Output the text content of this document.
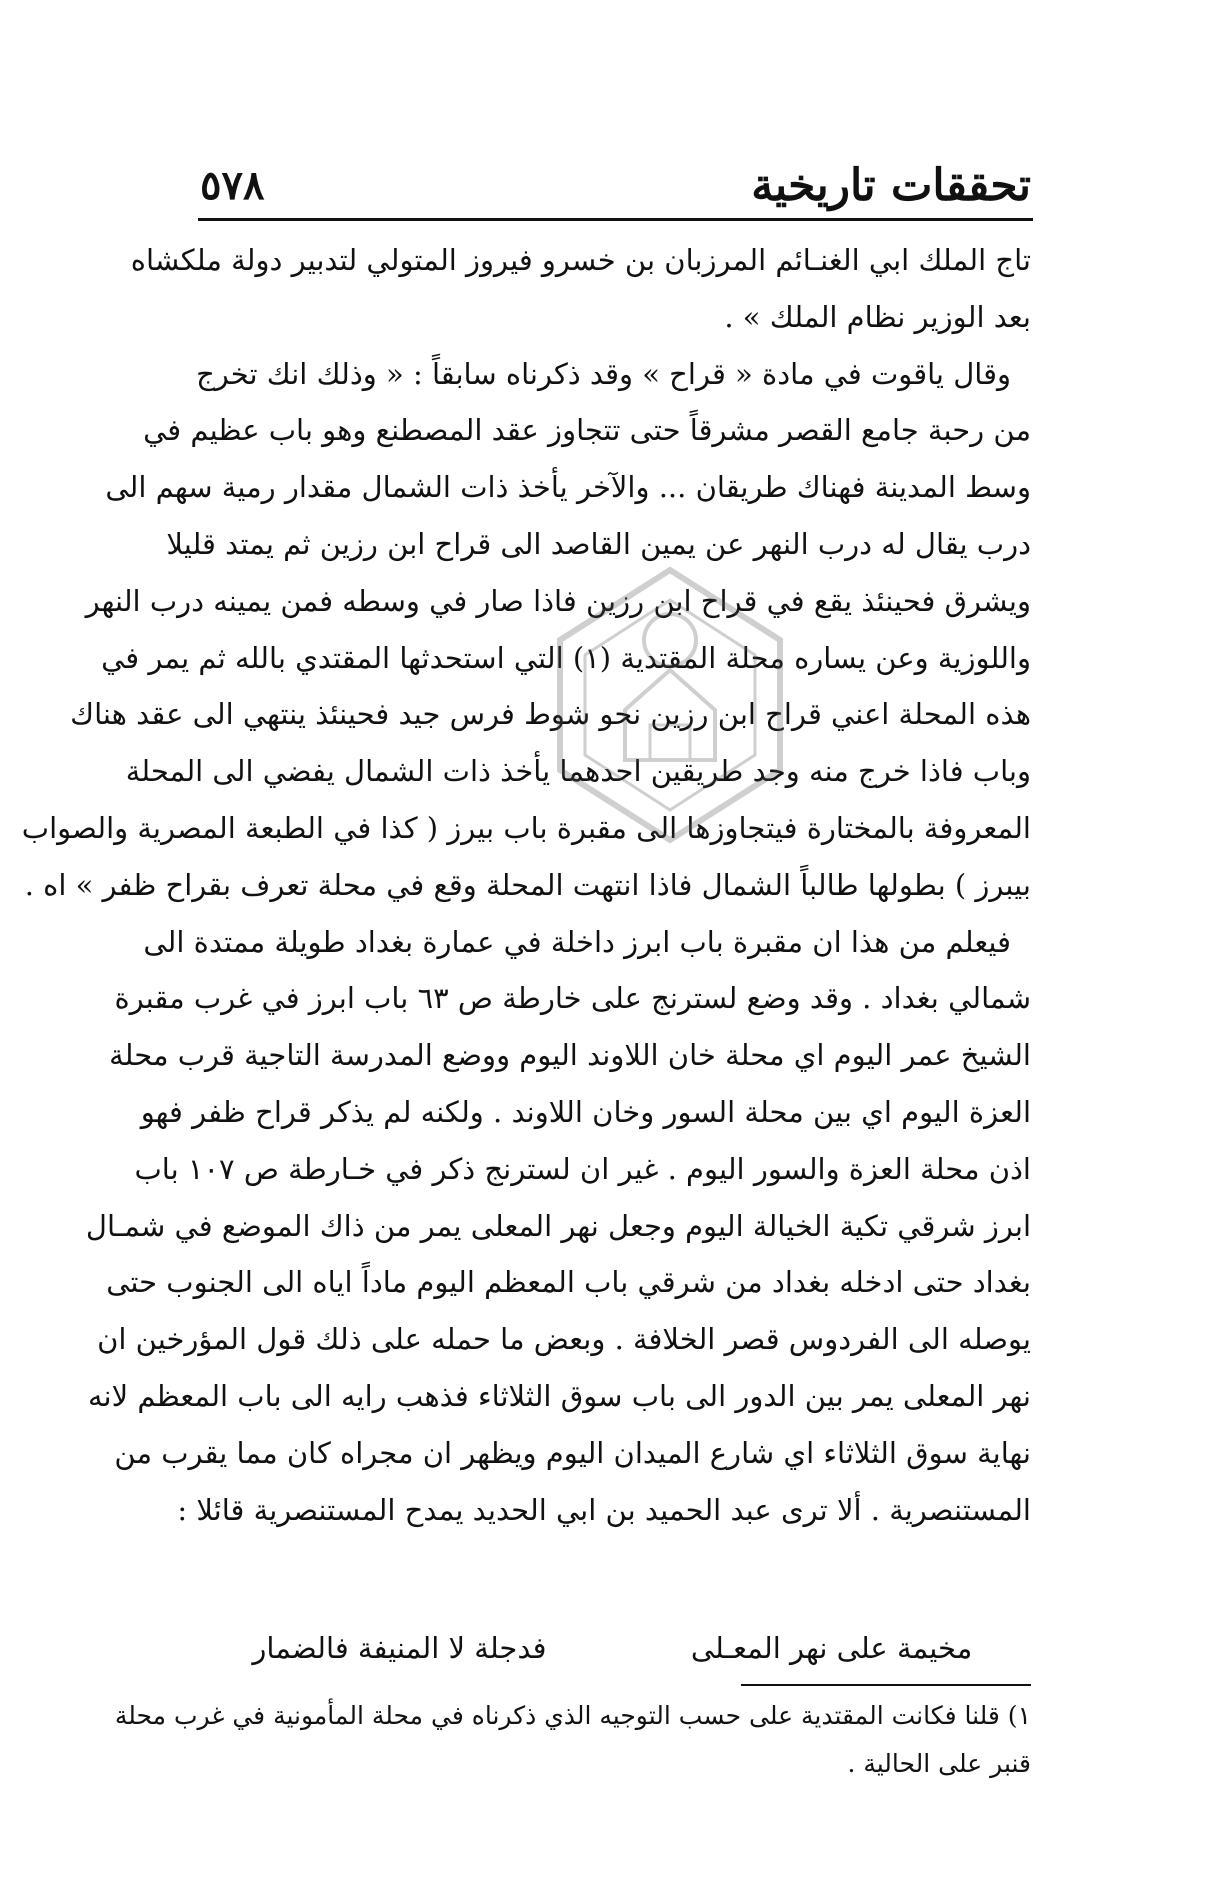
تحققات تاريخية
٥٧٨

تاج الملك ابي الغنـائم المرزبان بن خسرو فيروز المتولي لتدبير دولة ملكشاه

بعد الوزير نظام الملك » .

وقال ياقوت في مادة « قراح » وقد ذكرناه سابقاً : « وذلك انك تخرج

من رحبة جامع القصر مشرقاً حتى تتجاوز عقد المصطنع وهو باب عظيم في

وسط المدينة فهناك طريقان ... والآخر يأخذ ذات الشمال مقدار رمية سهم الى

درب يقال له درب النهر عن يمين القاصد الى قراح ابن رزين ثم يمتد قليلا

ويشرق فحينئذ يقع في قراح ابن رزين فاذا صار في وسطه فمن يمينه درب النهر

واللوزية وعن يساره محلة المقتدية (١) التي استحدثها المقتدي بالله ثم يمر في

هذه المحلة اعني قراح ابن رزين نحو شوط فرس جيد فحينئذ ينتهي الى عقد هناك

وباب فاذا خرج منه وجد طريقين احدهما يأخذ ذات الشمال يفضي الى المحلة

المعروفة بالمختارة فيتجاوزها الى مقبرة باب بيرز ( كذا في الطبعة المصرية والصواب

بيبرز ) بطولها طالباً الشمال فاذا انتهت المحلة وقع في محلة تعرف بقراح ظفر » اه .

فيعلم من هذا ان مقبرة باب ابرز داخلة في عمارة بغداد طويلة ممتدة الى

شمالي بغداد . وقد وضع لسترنج على خارطة ص ٦٣ باب ابرز في غرب مقبرة

الشيخ عمر اليوم اي محلة خان اللاوند اليوم ووضع المدرسة التاجية قرب محلة

العزة اليوم اي بين محلة السور وخان اللاوند . ولكنه لم يذكر قراح ظفر فهو

اذن محلة العزة والسور اليوم . غير ان لسترنج ذكر في خـارطة ص ١٠٧ باب

ابرز شرقي تكية الخيالة اليوم وجعل نهر المعلى يمر من ذاك الموضع في شمـال

بغداد حتى ادخله بغداد من شرقي باب المعظم اليوم ماداً اياه الى الجنوب حتى

يوصله الى الفردوس قصر الخلافة . وبعض ما حمله على ذلك قول المؤرخين ان

نهر المعلى يمر بين الدور الى باب سوق الثلاثاء فذهب رايه الى باب المعظم لانه

نهاية سوق الثلاثاء اي شارع الميدان اليوم ويظهر ان مجراه كان مما يقرب من

المستنصرية . ألا ترى عبد الحميد بن ابي الحديد يمدح المستنصرية قائلا :

مخيمة على نهر المعـلى
فدجلة لا المنيفة فالضمار

١) قلنا فكانت المقتدية على حسب التوجيه الذي ذكرناه في محلة المأمونية في غرب محلة

قنبر على الحالية .
